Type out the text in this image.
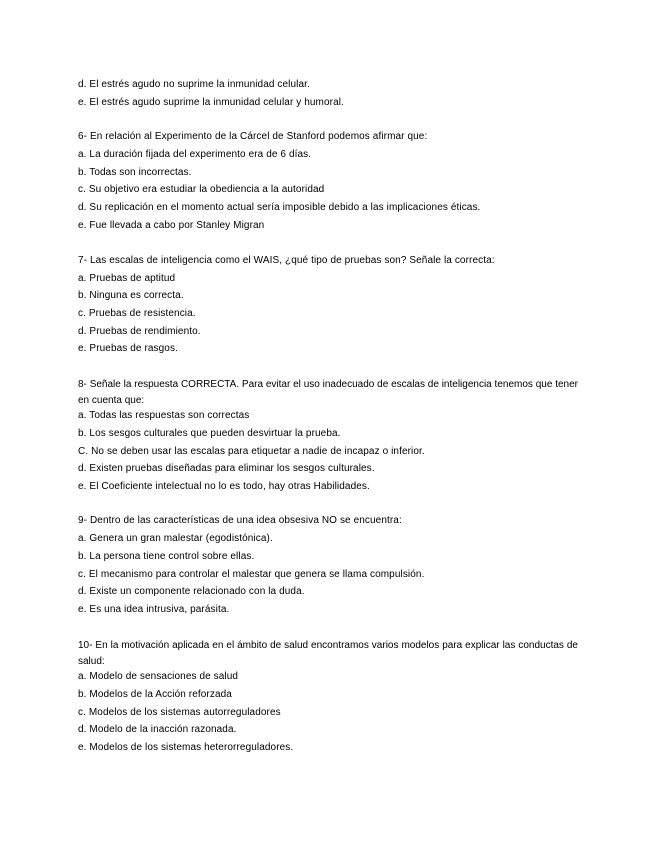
d. El estrés agudo no suprime la inmunidad celular.
e. El estrés agudo suprime la inmunidad celular y humoral.
6- En relación al Experimento de la Cárcel de Stanford podemos afirmar que:
a. La duración fijada del experimento era de 6 días.
b. Todas son incorrectas.
c. Su objetivo era estudiar la obediencia a la autoridad
d. Su replicación en el momento actual sería imposible debido a las implicaciones éticas.
e. Fue llevada a cabo por Stanley Migran
7- Las escalas de inteligencia como el WAIS, ¿qué tipo de pruebas son? Señale la correcta:
a. Pruebas de aptitud
b. Ninguna es correcta.
c. Pruebas de resistencia.
d. Pruebas de rendimiento.
e. Pruebas de rasgos.
8- Señale la respuesta CORRECTA. Para evitar el uso inadecuado de escalas de inteligencia tenemos que tener en cuenta que:
a. Todas las respuestas son correctas
b. Los sesgos culturales que pueden desvirtuar la prueba.
C. No se deben usar las escalas para etiquetar a nadie de incapaz o inferior.
d. Existen pruebas diseñadas para eliminar los sesgos culturales.
e. El Coeficiente intelectual no lo es todo, hay otras Habilidades.
9- Dentro de las características de una idea obsesiva NO se encuentra:
a. Genera un gran malestar (egodistónica).
b. La persona tiene control sobre ellas.
c. El mecanismo para controlar el malestar que genera se llama compulsión.
d. Existe un componente relacionado con la duda.
e. Es una idea intrusiva, parásita.
10- En la motivación aplicada en el ámbito de salud encontramos varios modelos para explicar las conductas de salud:
a. Modelo de sensaciones de salud
b. Modelos de la Acción reforzada
c. Modelos de los sistemas autorreguladores
d. Modelo de la inacción razonada.
e. Modelos de los sistemas heterorreguladores.
